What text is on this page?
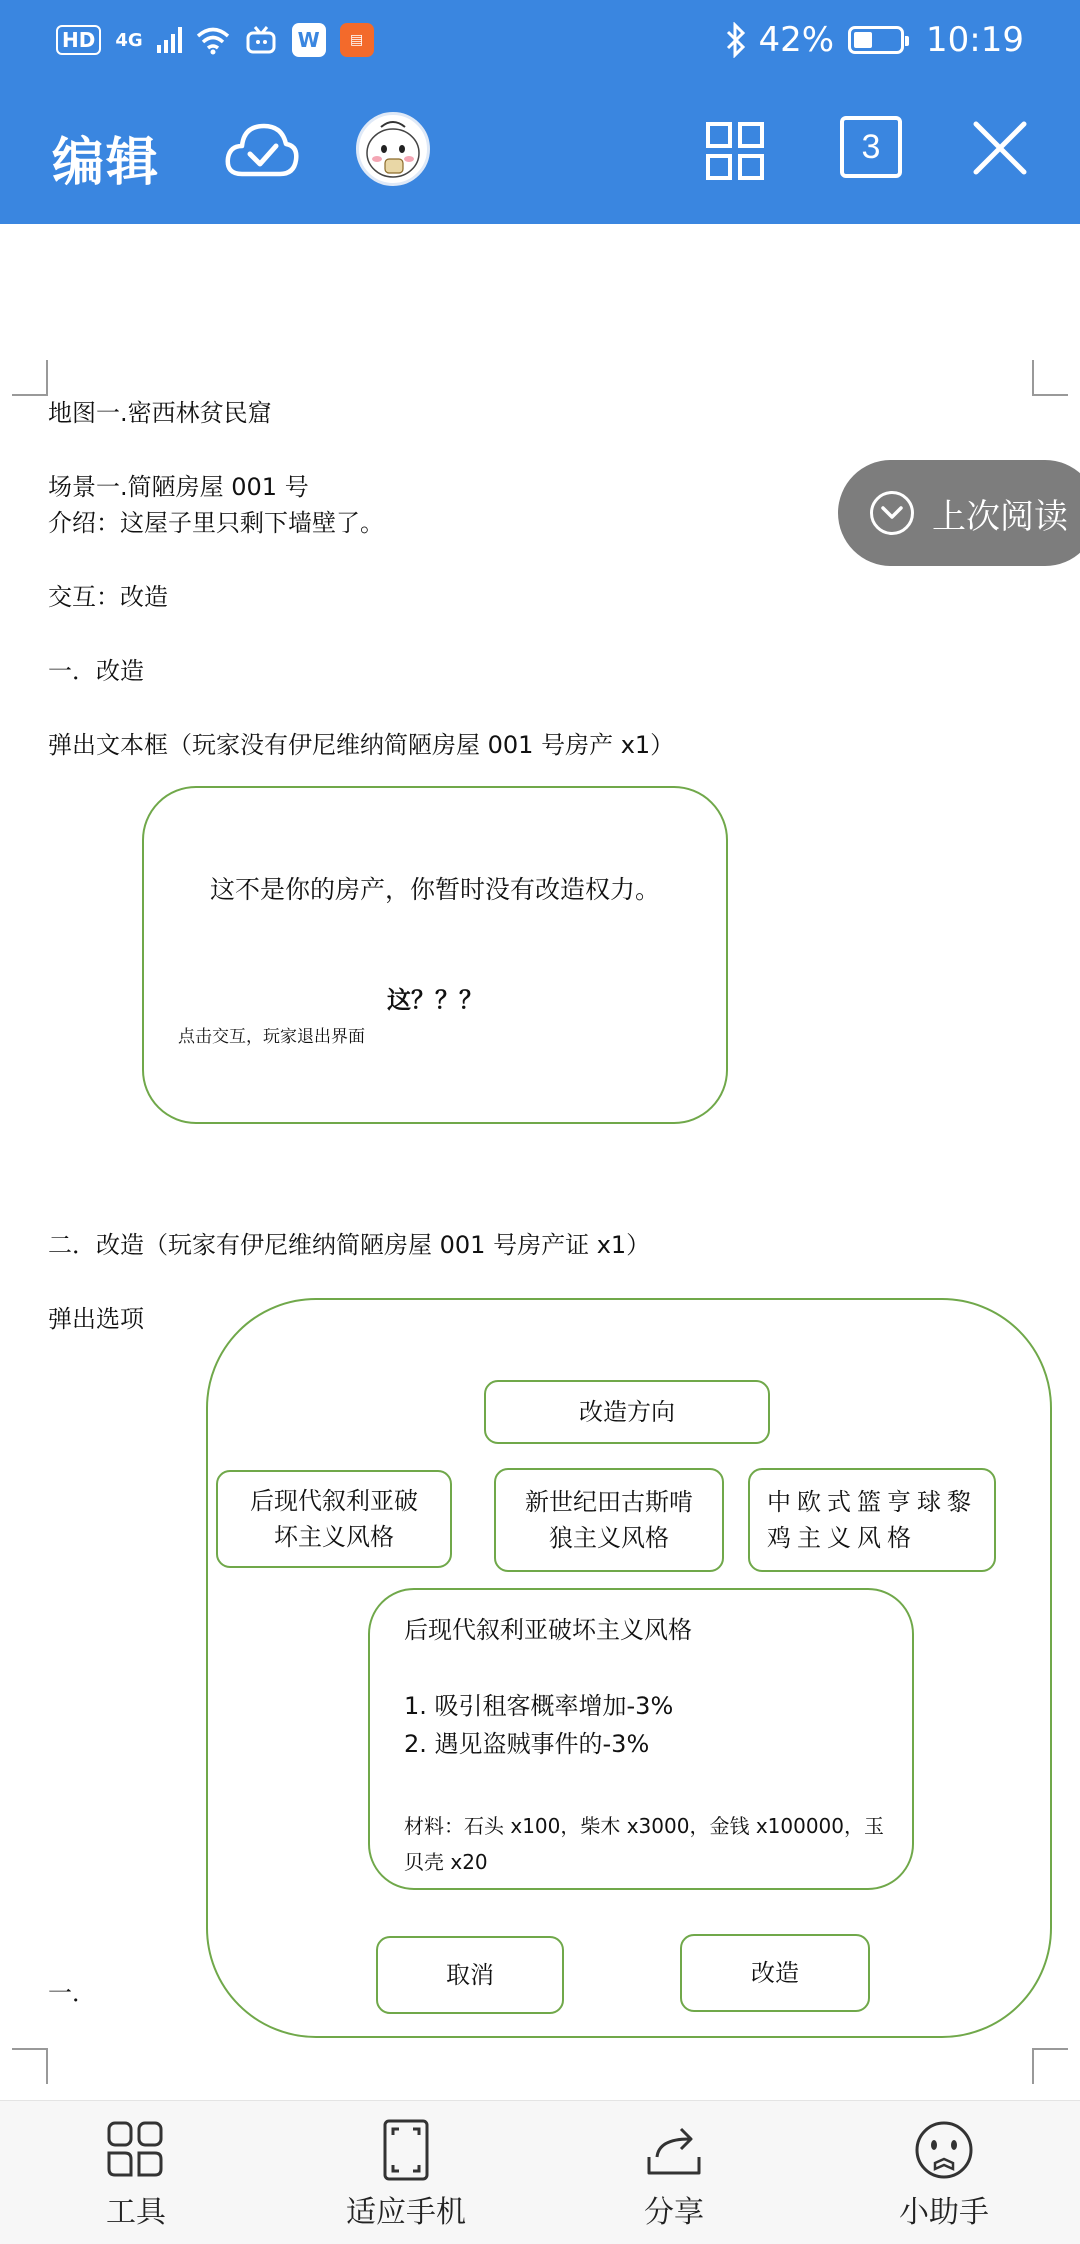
HD	4G	W	▤	42%	10:19
编辑	3
地图一.密西林贫民窟
场景一.简陋房屋 001 号
介绍：这屋子里只剩下墙壁了。
交互：改造
一．改造
弹出文本框（玩家没有伊尼维纳简陋房屋 001 号房产 x1）
这不是你的房产，你暂时没有改造权力。
这？？？
点击交互，玩家退出界面
二．改造（玩家有伊尼维纳简陋房屋 001 号房产证 x1）
弹出选项
改造方向
后现代叙利亚破
坏主义风格
新世纪田古斯啃
狼主义风格
中欧式篮亨球黎
鸡主义风格
后现代叙利亚破坏主义风格
1. 吸引租客概率增加-3%
2. 遇见盗贼事件的-3%
材料：石头 x100，柴木 x3000，金钱 x100000，玉贝壳 x20
取消	改造
一．
上次阅读
工具	适应手机	分享	小助手
